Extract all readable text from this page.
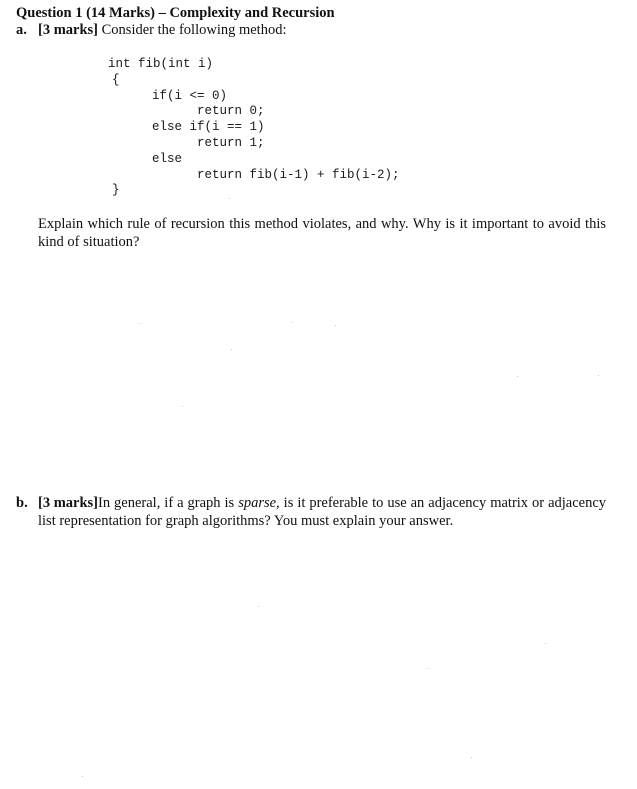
Question 1 (14 Marks) – Complexity and Recursion
a. [3 marks] Consider the following method:
int fib(int i)
{
if(i <= 0)
return 0;
else if(i == 1)
return 1;
else
return fib(i-1) + fib(i-2);
}
Explain which rule of recursion this method violates, and why. Why is it important to avoid this kind of situation?
b. [3 marks] In general, if a graph is sparse, is it preferable to use an adjacency matrix or adjacency list representation for graph algorithms? You must explain your answer.
